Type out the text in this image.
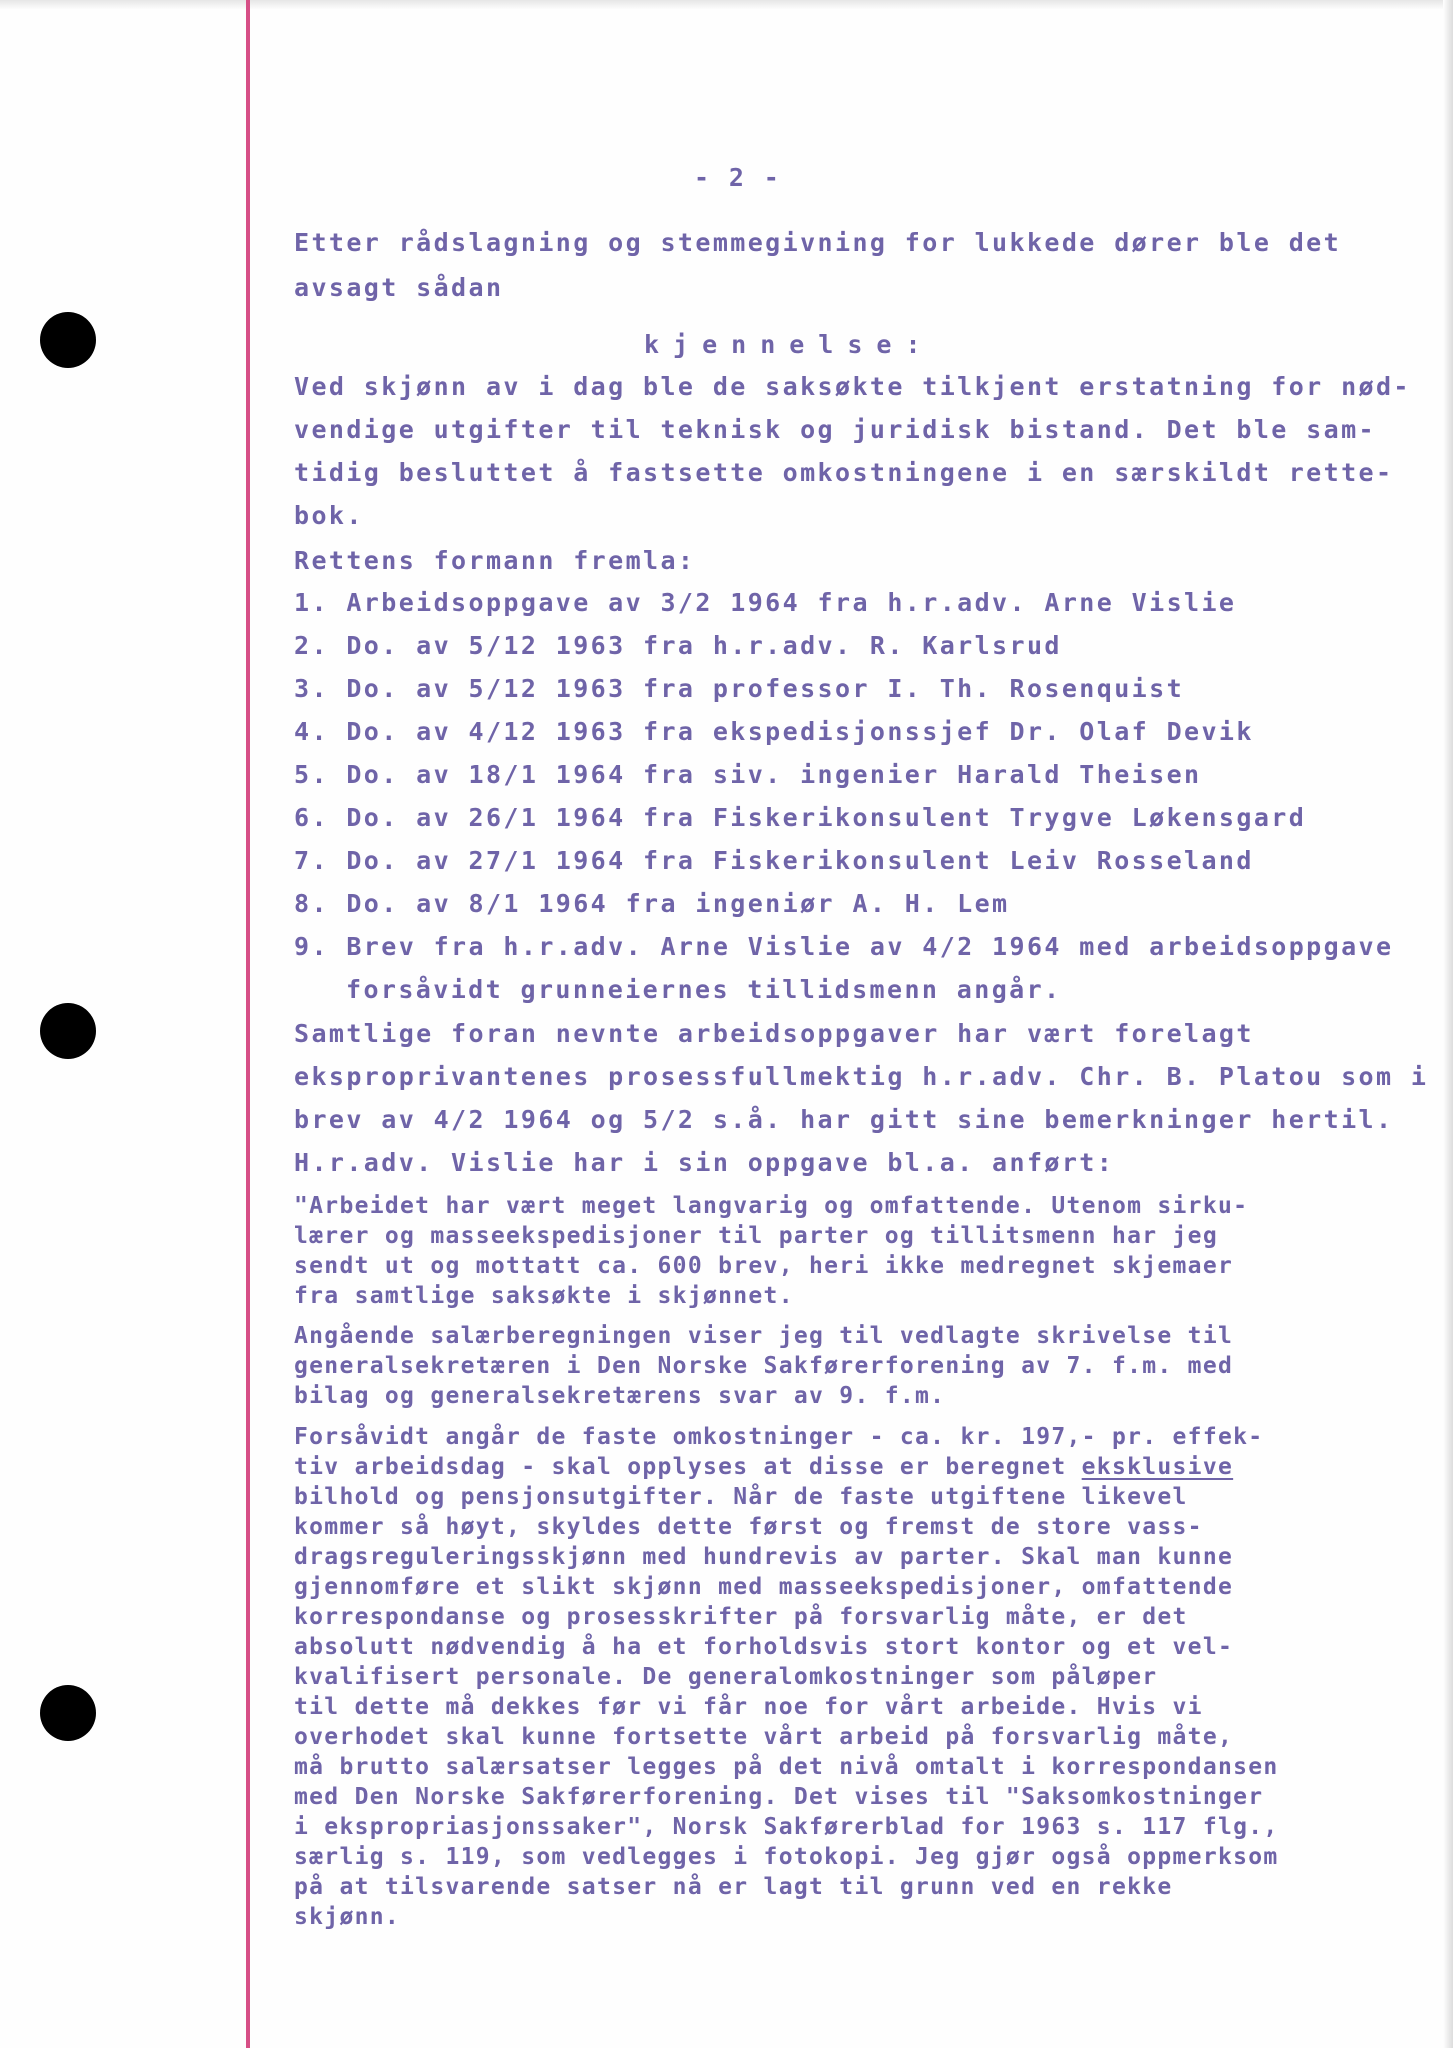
- 2 -
Etter rådslagning og stemmegivning for lukkede dører ble det
avsagt sådan
kjennelse:
Ved skjønn av i dag ble de saksøkte tilkjent erstatning for nød-
vendige utgifter til teknisk og juridisk bistand. Det ble sam-
tidig besluttet å fastsette omkostningene i en særskildt rette-
bok.
Rettens formann fremla:
1. Arbeidsoppgave av 3/2 1964 fra h.r.adv. Arne Vislie
2. Do. av 5/12 1963 fra h.r.adv. R. Karlsrud
3. Do. av 5/12 1963 fra professor I. Th. Rosenquist
4. Do. av 4/12 1963 fra ekspedisjonssjef Dr. Olaf Devik
5. Do. av 18/1 1964 fra siv. ingenier Harald Theisen
6. Do. av 26/1 1964 fra Fiskerikonsulent Trygve Løkensgard
7. Do. av 27/1 1964 fra Fiskerikonsulent Leiv Rosseland
8. Do. av 8/1 1964 fra ingeniør A. H. Lem
9. Brev fra h.r.adv. Arne Vislie av 4/2 1964 med arbeidsoppgave
forsåvidt grunneiernes tillidsmenn angår.
Samtlige foran nevnte arbeidsoppgaver har vært forelagt
eksproprivantenes prosessfullmektig h.r.adv. Chr. B. Platou som i
brev av 4/2 1964 og 5/2 s.å. har gitt sine bemerkninger hertil.
H.r.adv. Vislie har i sin oppgave bl.a. anført:
"Arbeidet har vært meget langvarig og omfattende. Utenom sirku-
lærer og masseekspedisjoner til parter og tillitsmenn har jeg
sendt ut og mottatt ca. 600 brev, heri ikke medregnet skjemaer
fra samtlige saksøkte i skjønnet.
Angående salærberegningen viser jeg til vedlagte skrivelse til
generalsekretæren i Den Norske Sakførerforening av 7. f.m. med
bilag og generalsekretærens svar av 9. f.m.
Forsåvidt angår de faste omkostninger - ca. kr. 197,- pr. effek-
tiv arbeidsdag - skal opplyses at disse er beregnet eksklusive
bilhold og pensjonsutgifter. Når de faste utgiftene likevel
kommer så høyt, skyldes dette først og fremst de store vass-
dragsreguleringsskjønn med hundrevis av parter. Skal man kunne
gjennomføre et slikt skjønn med masseekspedisjoner, omfattende
korrespondanse og prosesskrifter på forsvarlig måte, er det
absolutt nødvendig å ha et forholdsvis stort kontor og et vel-
kvalifisert personale. De generalomkostninger som påløper
til dette må dekkes før vi får noe for vårt arbeide. Hvis vi
overhodet skal kunne fortsette vårt arbeid på forsvarlig måte,
må brutto salærsatser legges på det nivå omtalt i korrespondansen
med Den Norske Sakførerforening. Det vises til "Saksomkostninger
i ekspropriasjonssaker", Norsk Sakførerblad for 1963 s. 117 flg.,
særlig s. 119, som vedlegges i fotokopi. Jeg gjør også oppmerksom
på at tilsvarende satser nå er lagt til grunn ved en rekke
skjønn.
